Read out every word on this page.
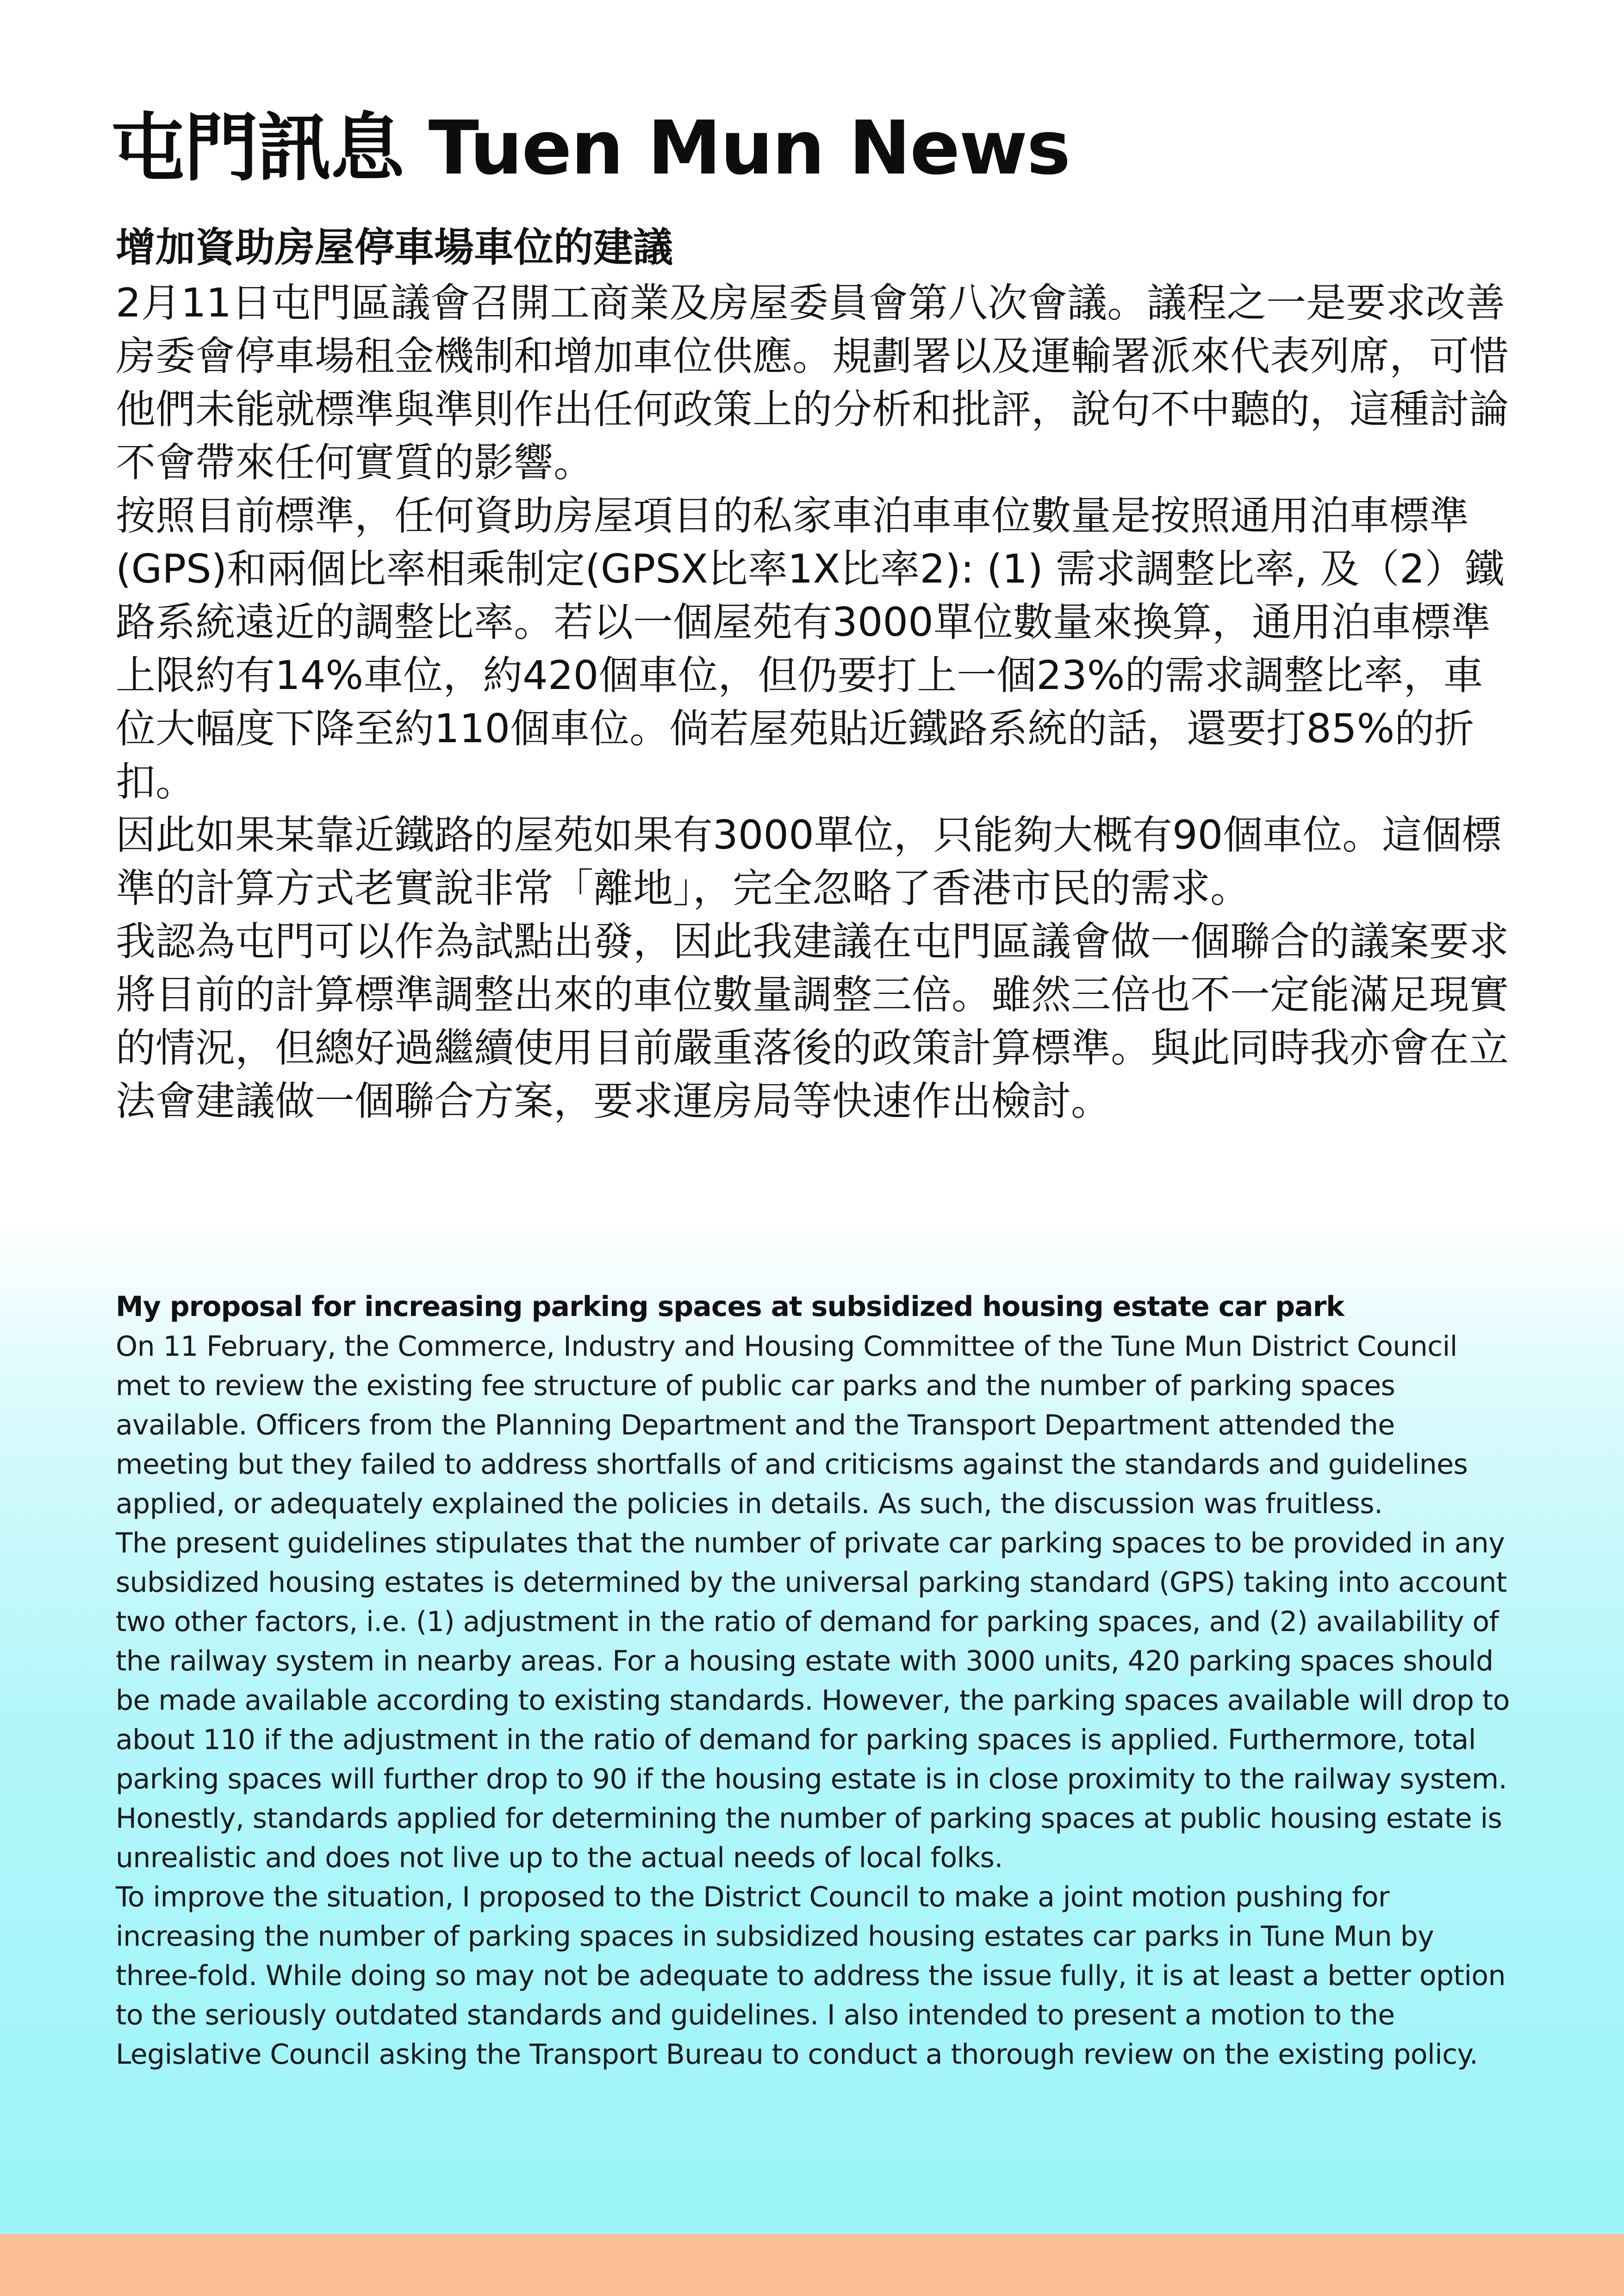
屯門訊息 Tuen Mun News
增加資助房屋停車場車位的建議

2月11日屯門區議會召開工商業及房屋委員會第八次會議。議程之一是要求改善房委會停車場租金機制和增加車位供應。規劃署以及運輸署派來代表列席，可惜他們未能就標準與準則作出任何政策上的分析和批評，說句不中聽的，這種討論不會帶來任何實質的影響。

按照目前標準，任何資助房屋項目的私家車泊車車位數量是按照通用泊車標準(GPS)和兩個比率相乘制定(GPSX比率1X比率2): (1) 需求調整比率, 及（2）鐵路系統遠近的調整比率。若以一個屋苑有3000單位數量來換算，通用泊車標準上限約有14%車位，約420個車位，但仍要打上一個23%的需求調整比率，車位大幅度下降至約110個車位。倘若屋苑貼近鐵路系統的話，還要打85%的折扣。

因此如果某靠近鐵路的屋苑如果有3000單位，只能夠大概有90個車位。這個標準的計算方式老實說非常「離地」，完全忽略了香港市民的需求。

我認為屯門可以作為試點出發，因此我建議在屯門區議會做一個聯合的議案要求將目前的計算標準調整出來的車位數量調整三倍。雖然三倍也不一定能滿足現實的情況，但總好過繼續使用目前嚴重落後的政策計算標準。與此同時我亦會在立法會建議做一個聯合方案，要求運房局等快速作出檢討。

My proposal for increasing parking spaces at subsidized housing estate car park

On 11 February, the Commerce, Industry and Housing Committee of the Tune Mun District Council met to review the existing fee structure of public car parks and the number of parking spaces available. Officers from the Planning Department and the Transport Department attended the meeting but they failed to address shortfalls of and criticisms against the standards and guidelines applied, or adequately explained the policies in details. As such, the discussion was fruitless.

The present guidelines stipulates that the number of private car parking spaces to be provided in any subsidized housing estates is determined by the universal parking standard (GPS) taking into account two other factors, i.e. (1) adjustment in the ratio of demand for parking spaces, and (2) availability of the railway system in nearby areas. For a housing estate with 3000 units, 420 parking spaces should be made available according to existing standards. However, the parking spaces available will drop to about 110 if the adjustment in the ratio of demand for parking spaces is applied. Furthermore, total parking spaces will further drop to 90 if the housing estate is in close proximity to the railway system. Honestly, standards applied for determining the number of parking spaces at public housing estate is unrealistic and does not live up to the actual needs of local folks.

To improve the situation, I proposed to the District Council to make a joint motion pushing for increasing the number of parking spaces in subsidized housing estates car parks in Tune Mun by three-fold. While doing so may not be adequate to address the issue fully, it is at least a better option to the seriously outdated standards and guidelines. I also intended to present a motion to the Legislative Council asking the Transport Bureau to conduct a thorough review on the existing policy.
